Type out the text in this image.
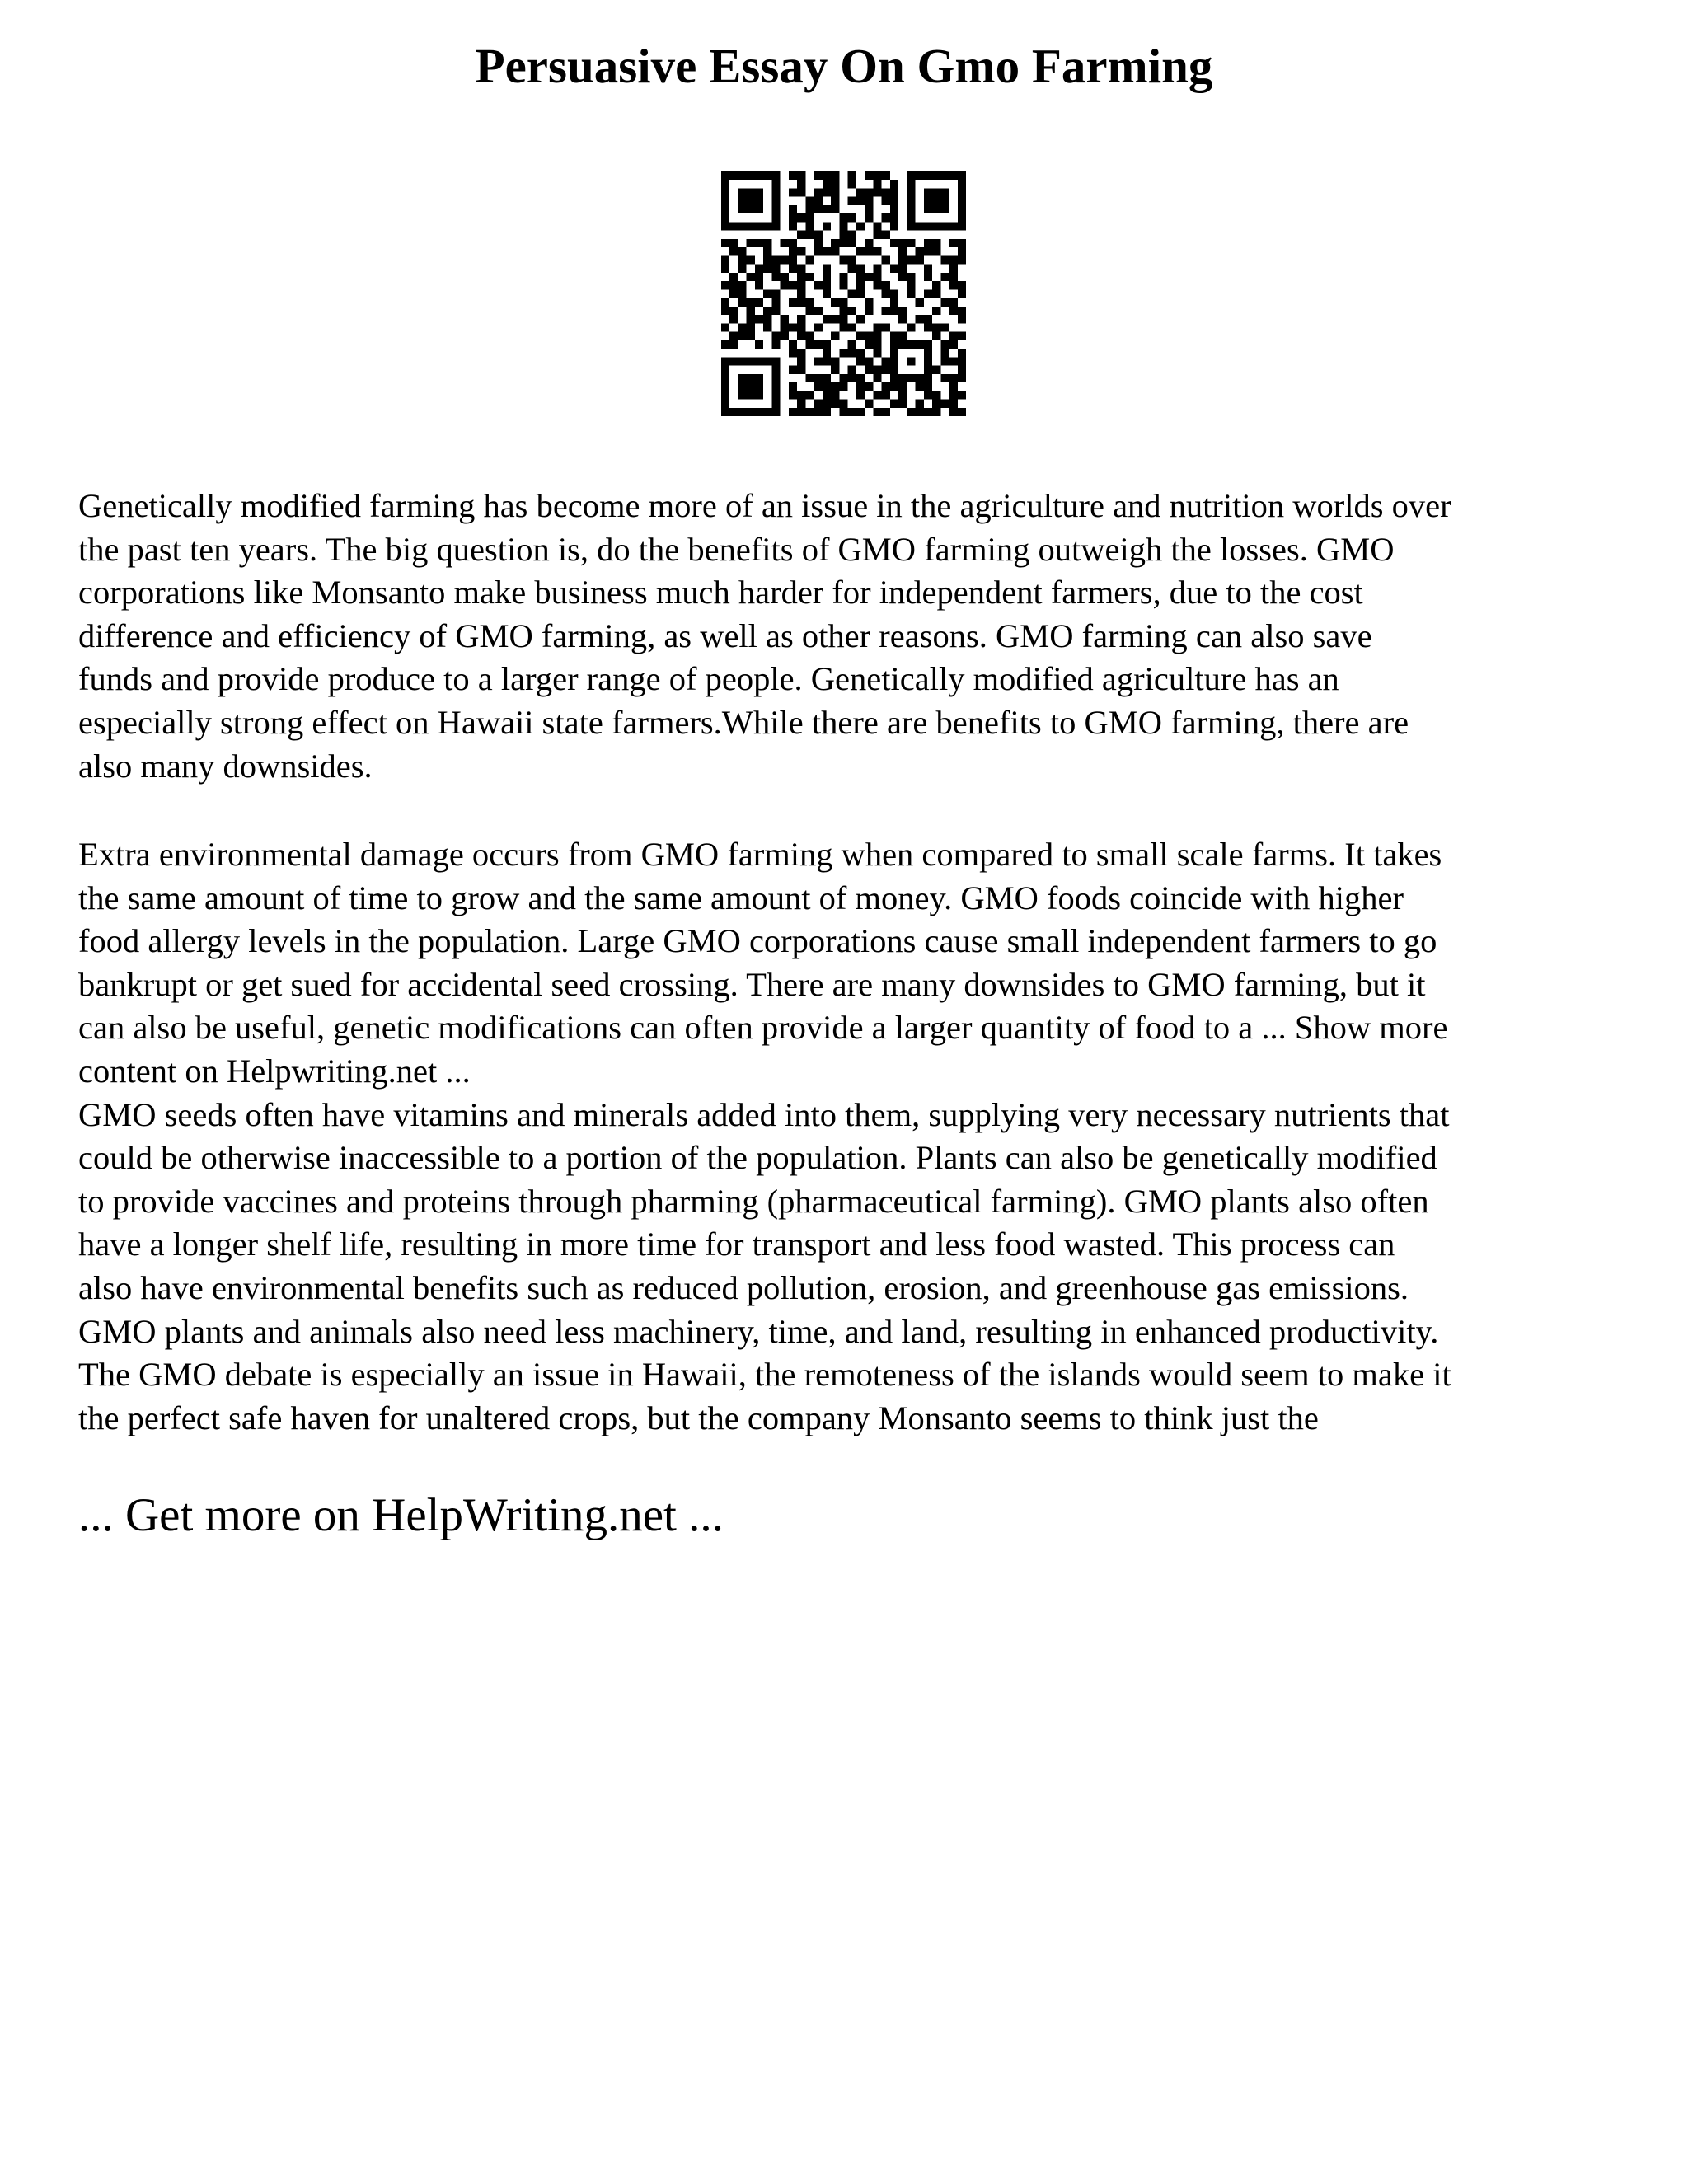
Persuasive Essay On Gmo Farming
Genetically modified farming has become more of an issue in the agriculture and nutrition worlds over
the past ten years. The big question is, do the benefits of GMO farming outweigh the losses. GMO
corporations like Monsanto make business much harder for independent farmers, due to the cost
difference and efficiency of GMO farming, as well as other reasons. GMO farming can also save
funds and provide produce to a larger range of people. Genetically modified agriculture has an
especially strong effect on Hawaii state farmers.While there are benefits to GMO farming, there are
also many downsides.
Extra environmental damage occurs from GMO farming when compared to small scale farms. It takes
the same amount of time to grow and the same amount of money. GMO foods coincide with higher
food allergy levels in the population. Large GMO corporations cause small independent farmers to go
bankrupt or get sued for accidental seed crossing. There are many downsides to GMO farming, but it
can also be useful, genetic modifications can often provide a larger quantity of food to a ... Show more
content on Helpwriting.net ...
GMO seeds often have vitamins and minerals added into them, supplying very necessary nutrients that
could be otherwise inaccessible to a portion of the population. Plants can also be genetically modified
to provide vaccines and proteins through pharming (pharmaceutical farming). GMO plants also often
have a longer shelf life, resulting in more time for transport and less food wasted. This process can
also have environmental benefits such as reduced pollution, erosion, and greenhouse gas emissions.
GMO plants and animals also need less machinery, time, and land, resulting in enhanced productivity.
The GMO debate is especially an issue in Hawaii, the remoteness of the islands would seem to make it
the perfect safe haven for unaltered crops, but the company Monsanto seems to think just the

... Get more on HelpWriting.net ...
